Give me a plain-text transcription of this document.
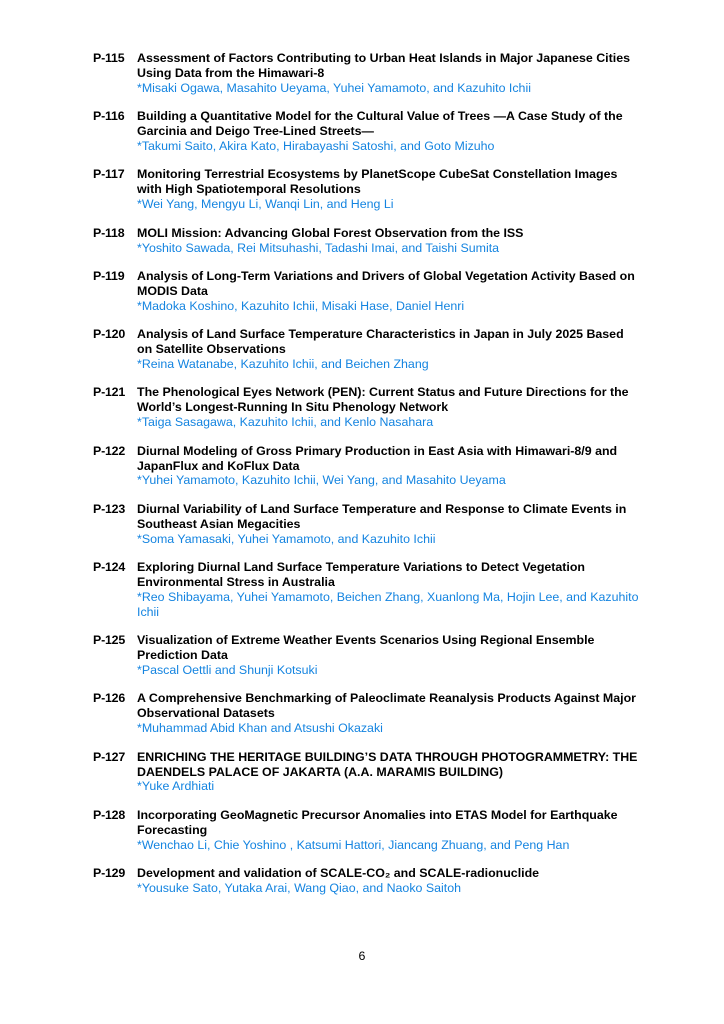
P-115	Assessment of Factors Contributing to Urban Heat Islands in Major Japanese Cities Using Data from the Himawari-8
*Misaki Ogawa, Masahito Ueyama, Yuhei Yamamoto, and Kazuhito Ichii
P-116	Building a Quantitative Model for the Cultural Value of Trees —A Case Study of the Garcinia and Deigo Tree-Lined Streets—
*Takumi Saito, Akira Kato, Hirabayashi Satoshi, and Goto Mizuho
P-117	Monitoring Terrestrial Ecosystems by PlanetScope CubeSat Constellation Images with High Spatiotemporal Resolutions
*Wei Yang, Mengyu Li, Wanqi Lin, and Heng Li
P-118	MOLI Mission: Advancing Global Forest Observation from the ISS
*Yoshito Sawada, Rei Mitsuhashi, Tadashi Imai, and Taishi Sumita
P-119	Analysis of Long-Term Variations and Drivers of Global Vegetation Activity Based on MODIS Data
*Madoka Koshino, Kazuhito Ichii, Misaki Hase, Daniel Henri
P-120 Analysis of Land Surface Temperature Characteristics in Japan in July 2025 Based on Satellite Observations
*Reina Watanabe, Kazuhito Ichii, and Beichen Zhang
P-121 The Phenological Eyes Network (PEN): Current Status and Future Directions for the World’s Longest-Running In Situ Phenology Network
*Taiga Sasagawa, Kazuhito Ichii, and Kenlo Nasahara
P-122 Diurnal Modeling of Gross Primary Production in East Asia with Himawari-8/9 and JapanFlux and KoFlux Data
*Yuhei Yamamoto, Kazuhito Ichii, Wei Yang, and Masahito Ueyama
P-123 Diurnal Variability of Land Surface Temperature and Response to Climate Events in Southeast Asian Megacities
*Soma Yamasaki, Yuhei Yamamoto, and Kazuhito Ichii
P-124 Exploring Diurnal Land Surface Temperature Variations to Detect Vegetation Environmental Stress in Australia
*Reo Shibayama, Yuhei Yamamoto, Beichen Zhang, Xuanlong Ma, Hojin Lee, and Kazuhito Ichii
P-125 Visualization of Extreme Weather Events Scenarios Using Regional Ensemble Prediction Data
*Pascal Oettli and Shunji Kotsuki
P-126 A Comprehensive Benchmarking of Paleoclimate Reanalysis Products Against Major Observational Datasets
*Muhammad Abid Khan and Atsushi Okazaki
P-127 ENRICHING THE HERITAGE BUILDING’S DATA THROUGH PHOTOGRAMMETRY: THE DAENDELS PALACE OF JAKARTA (A.A. MARAMIS BUILDING)
*Yuke Ardhiati
P-128 Incorporating GeoMagnetic Precursor Anomalies into ETAS Model for Earthquake Forecasting
*Wenchao Li, Chie Yoshino , Katsumi Hattori, Jiancang Zhuang, and Peng Han
P-129 Development and validation of SCALE-CO₂ and SCALE-radionuclide
*Yousuke Sato, Yutaka Arai, Wang Qiao, and Naoko Saitoh
6
